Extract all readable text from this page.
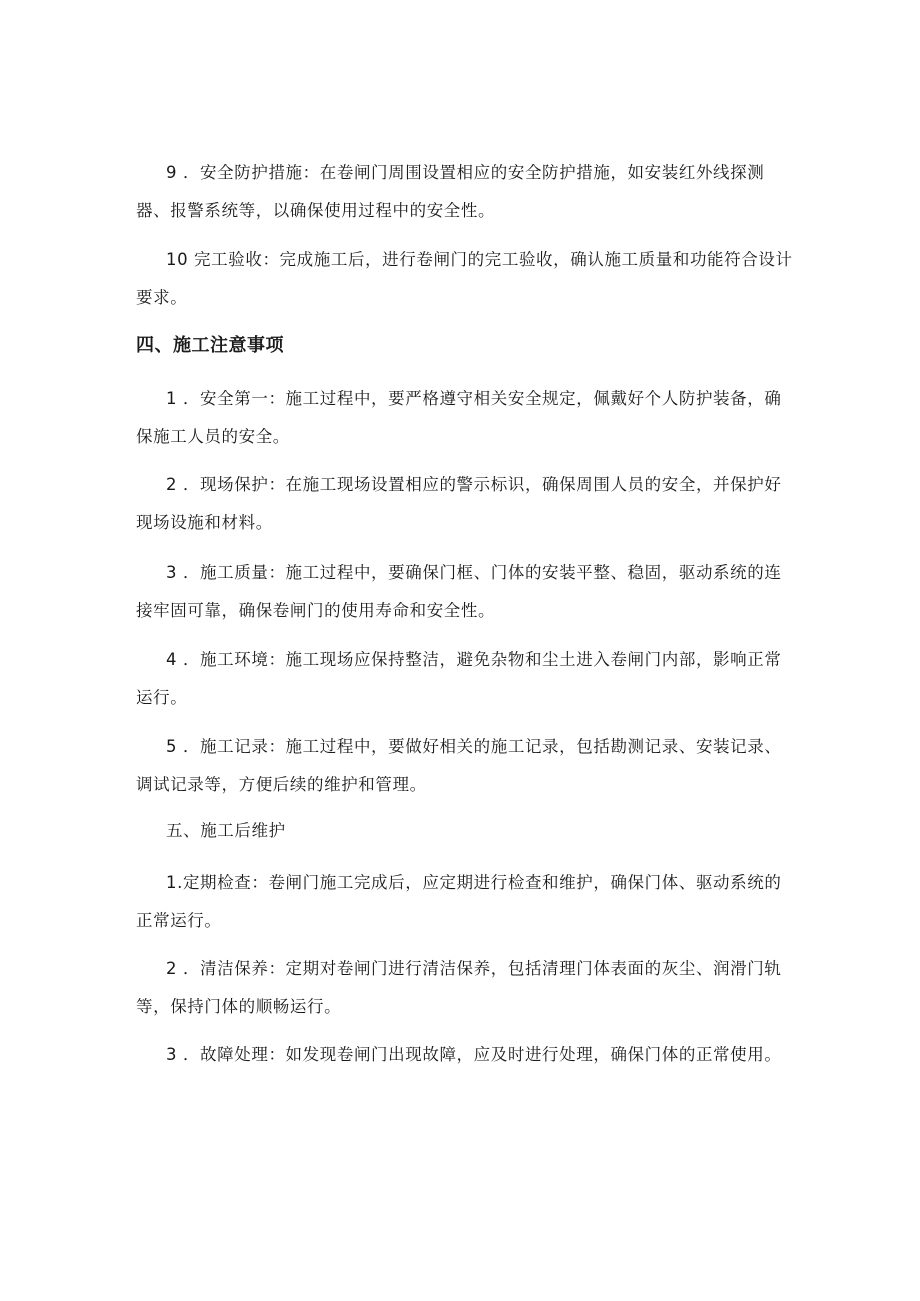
9 ．安全防护措施：在卷闸门周围设置相应的安全防护措施，如安装红外线探测器、报警系统等，以确保使用过程中的安全性。

10 完工验收：完成施工后，进行卷闸门的完工验收，确认施工质量和功能符合设计要求。

四、施工注意事项

1 ．安全第一：施工过程中，要严格遵守相关安全规定，佩戴好个人防护装备，确保施工人员的安全。

2 ．现场保护：在施工现场设置相应的警示标识，确保周围人员的安全，并保护好现场设施和材料。

3 ．施工质量：施工过程中，要确保门框、门体的安装平整、稳固，驱动系统的连接牢固可靠，确保卷闸门的使用寿命和安全性。

4 ．施工环境：施工现场应保持整洁，避免杂物和尘土进入卷闸门内部，影响正常运行。

5 ．施工记录：施工过程中，要做好相关的施工记录，包括勘测记录、安装记录、调试记录等，方便后续的维护和管理。

五、施工后维护

1.定期检查：卷闸门施工完成后，应定期进行检查和维护，确保门体、驱动系统的正常运行。

2 ．清洁保养：定期对卷闸门进行清洁保养，包括清理门体表面的灰尘、润滑门轨等，保持门体的顺畅运行。

3 ．故障处理：如发现卷闸门出现故障，应及时进行处理，确保门体的正常使用。
